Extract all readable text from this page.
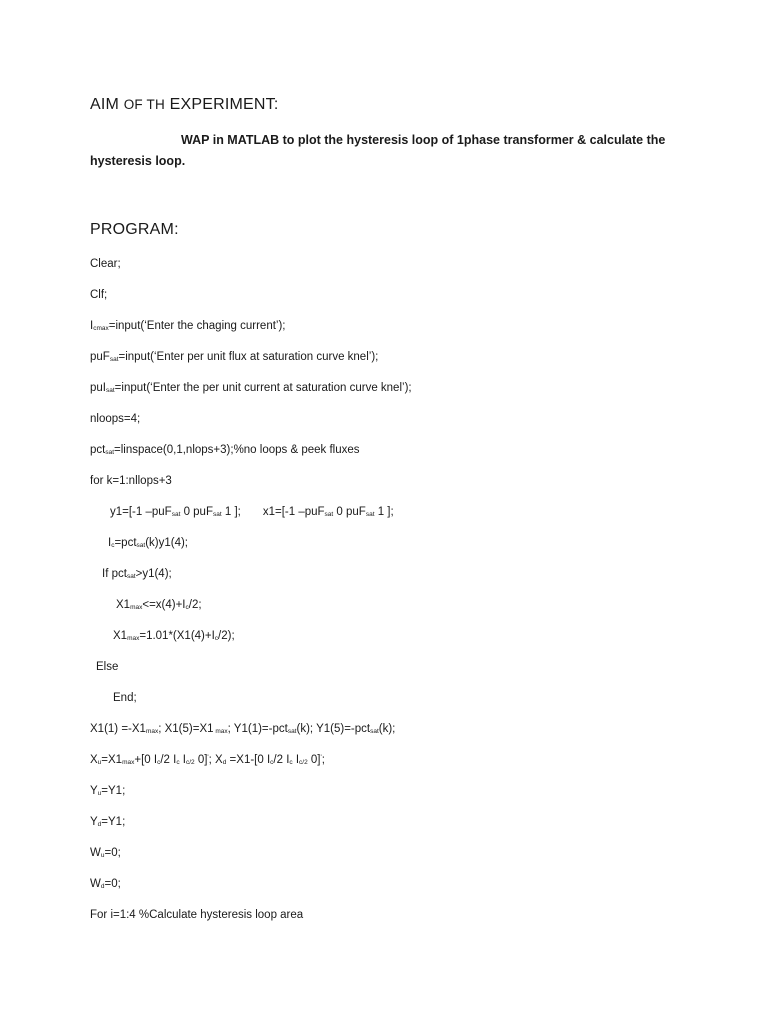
AIM OF TH EXPERIMENT:
WAP in MATLAB to plot the hysteresis loop of 1phase transformer & calculate the
hysteresis loop.
PROGRAM:
Clear;
Clf;
$I_{cmax}=input(‘Enter$ the chaging current’);
puF$_{sat}$=input(‘Enter per unit flux at saturation curve knel’);
puI$_{sat}$=input(‘Enter the per unit current at saturation curve knel’);
nloops=4;
pct$_{sat}$=linspace(0,1,nlops+3);%no loops & peek fluxes
for k=1:nllops+3
y1=[-1 –puF$_{sat}$ 0 puF$_{sat}$ 1 ]; x1=[-1 –puF$_{sat}$ 0 puF$_{sat}$ 1 ];
$I_c=pct_{sat}(k)y1(4)$;
If pct$_{sat}$>y1(4);
$X1_{max}<=x(4)+I_c/2$;
$X1_{max}=1.01*(X1(4)+I_c/2)$;
Else
End;
$X1(1) =-X1_{max}$; X1(5)=X1 $_{max}$; Y1(1)=-pct$_{sat}$(k); Y1(5)=-pct$_{sat}$(k);
$X_u=X1_{max}+[0$ $I_c/2$ $I_c$ $I_{c/2}$ 0]'; $X_d =X1-[0$ $I_c/2$ $I_c$ $I_{c/2}$ 0]';
$Y_u=Y1$;
$Y_d=Y1$;
$W_u=0$;
$W_d=0$;
For i=1:4 %Calculate hysteresis loop area
